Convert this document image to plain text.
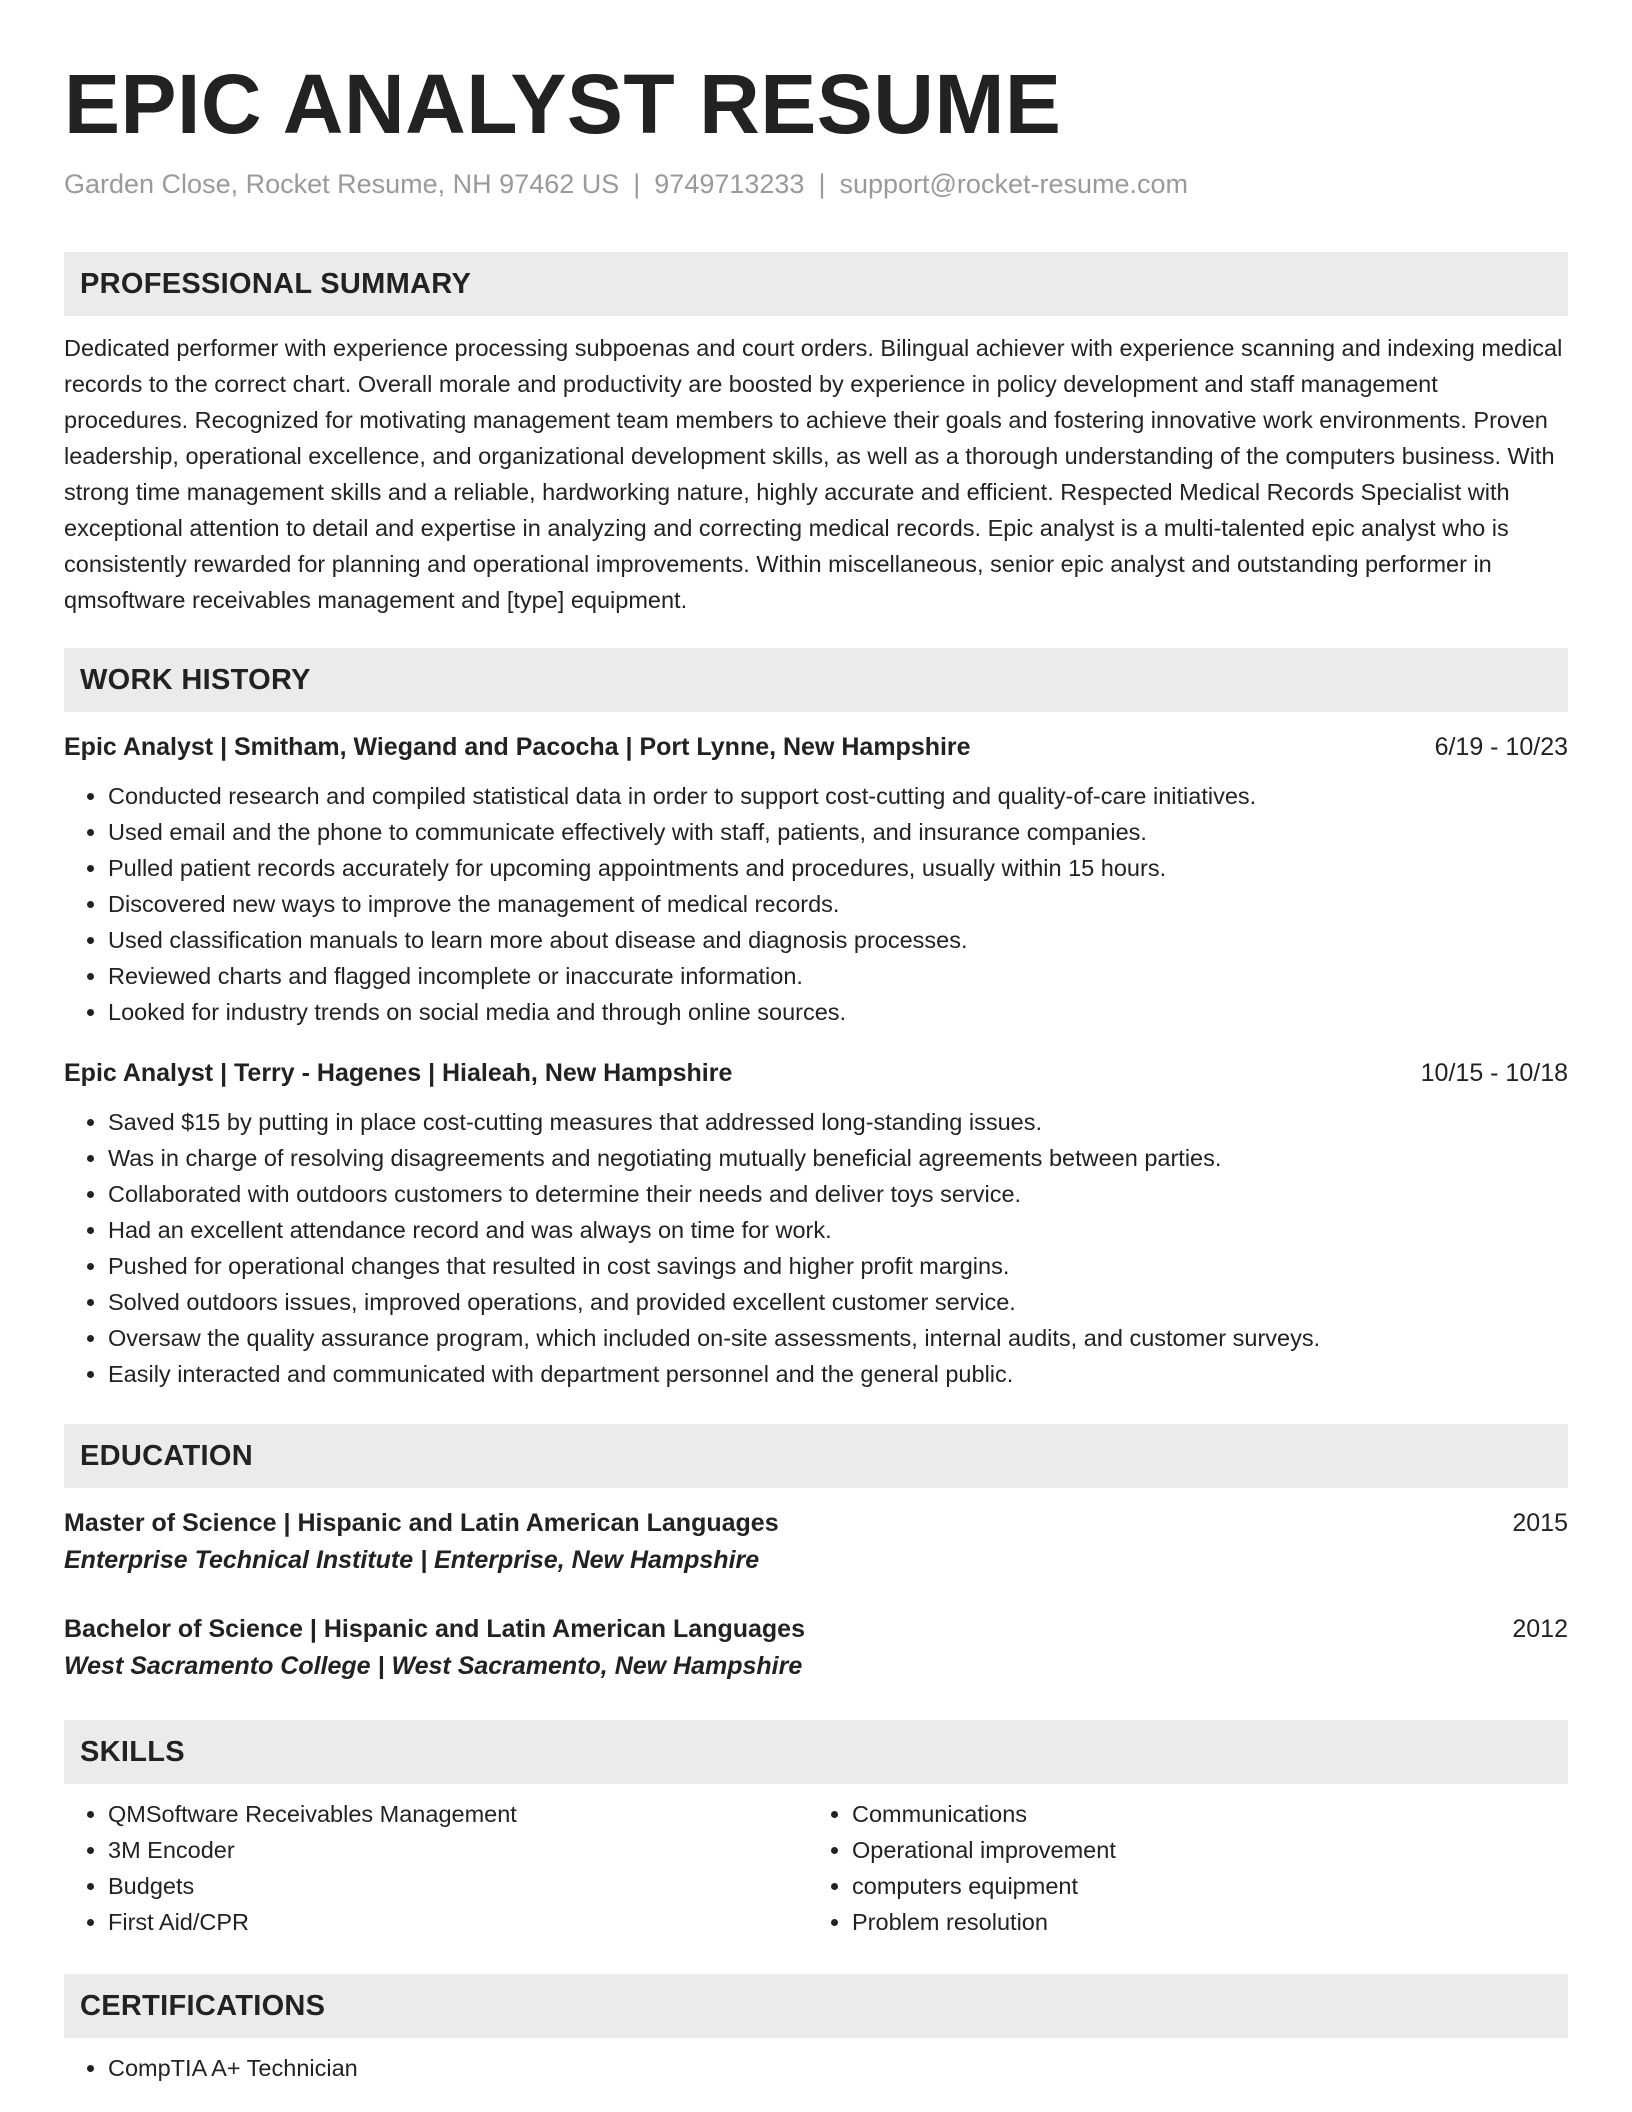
EPIC ANALYST RESUME
Garden Close, Rocket Resume, NH 97462 US | 9749713233 | support@rocket-resume.com
PROFESSIONAL SUMMARY
Dedicated performer with experience processing subpoenas and court orders. Bilingual achiever with experience scanning and indexing medical records to the correct chart. Overall morale and productivity are boosted by experience in policy development and staff management procedures. Recognized for motivating management team members to achieve their goals and fostering innovative work environments. Proven leadership, operational excellence, and organizational development skills, as well as a thorough understanding of the computers business. With strong time management skills and a reliable, hardworking nature, highly accurate and efficient. Respected Medical Records Specialist with exceptional attention to detail and expertise in analyzing and correcting medical records. Epic analyst is a multi-talented epic analyst who is consistently rewarded for planning and operational improvements. Within miscellaneous, senior epic analyst and outstanding performer in qmsoftware receivables management and [type] equipment.
WORK HISTORY
Epic Analyst | Smitham, Wiegand and Pacocha | Port Lynne, New Hampshire	6/19 - 10/23
• Conducted research and compiled statistical data in order to support cost-cutting and quality-of-care initiatives.
• Used email and the phone to communicate effectively with staff, patients, and insurance companies.
• Pulled patient records accurately for upcoming appointments and procedures, usually within 15 hours.
• Discovered new ways to improve the management of medical records.
• Used classification manuals to learn more about disease and diagnosis processes.
• Reviewed charts and flagged incomplete or inaccurate information.
• Looked for industry trends on social media and through online sources.
Epic Analyst | Terry - Hagenes | Hialeah, New Hampshire	10/15 - 10/18
• Saved $15 by putting in place cost-cutting measures that addressed long-standing issues.
• Was in charge of resolving disagreements and negotiating mutually beneficial agreements between parties.
• Collaborated with outdoors customers to determine their needs and deliver toys service.
• Had an excellent attendance record and was always on time for work.
• Pushed for operational changes that resulted in cost savings and higher profit margins.
• Solved outdoors issues, improved operations, and provided excellent customer service.
• Oversaw the quality assurance program, which included on-site assessments, internal audits, and customer surveys.
• Easily interacted and communicated with department personnel and the general public.
EDUCATION
Master of Science | Hispanic and Latin American Languages	2015
Enterprise Technical Institute | Enterprise, New Hampshire
Bachelor of Science | Hispanic and Latin American Languages	2012
West Sacramento College | West Sacramento, New Hampshire
SKILLS
• QMSoftware Receivables Management
• 3M Encoder
• Budgets
• First Aid/CPR
• Communications
• Operational improvement
• computers equipment
• Problem resolution
CERTIFICATIONS
• CompTIA A+ Technician
